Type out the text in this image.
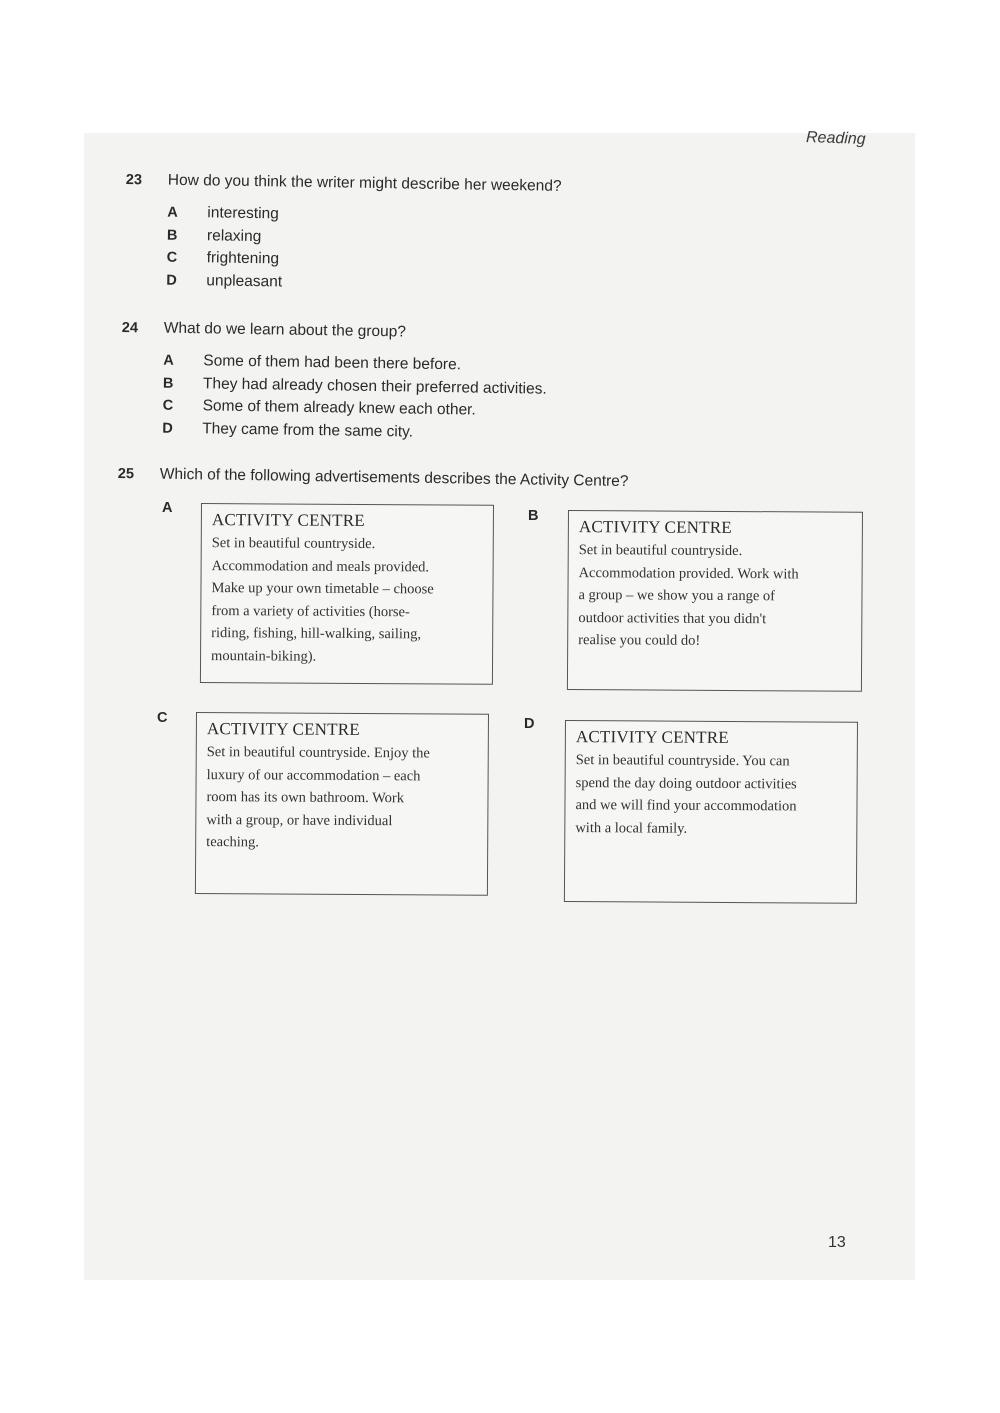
Reading
23	How do you think the writer might describe her weekend?
A	interesting
B	relaxing
C	frightening
D	unpleasant
24	What do we learn about the group?
A	Some of them had been there before.
B	They had already chosen their preferred activities.
C	Some of them already knew each other.
D	They came from the same city.
25	Which of the following advertisements describes the Activity Centre?
A
ACTIVITY CENTRE
Set in beautiful countryside.
Accommodation and meals provided.
Make up your own timetable – choose
from a variety of activities (horse-
riding, fishing, hill-walking, sailing,
mountain-biking).
B
ACTIVITY CENTRE
Set in beautiful countryside.
Accommodation provided. Work with
a group – we show you a range of
outdoor activities that you didn't
realise you could do!
C
ACTIVITY CENTRE
Set in beautiful countryside. Enjoy the
luxury of our accommodation – each
room has its own bathroom. Work
with a group, or have individual
teaching.
D
ACTIVITY CENTRE
Set in beautiful countryside. You can
spend the day doing outdoor activities
and we will find your accommodation
with a local family.
13
